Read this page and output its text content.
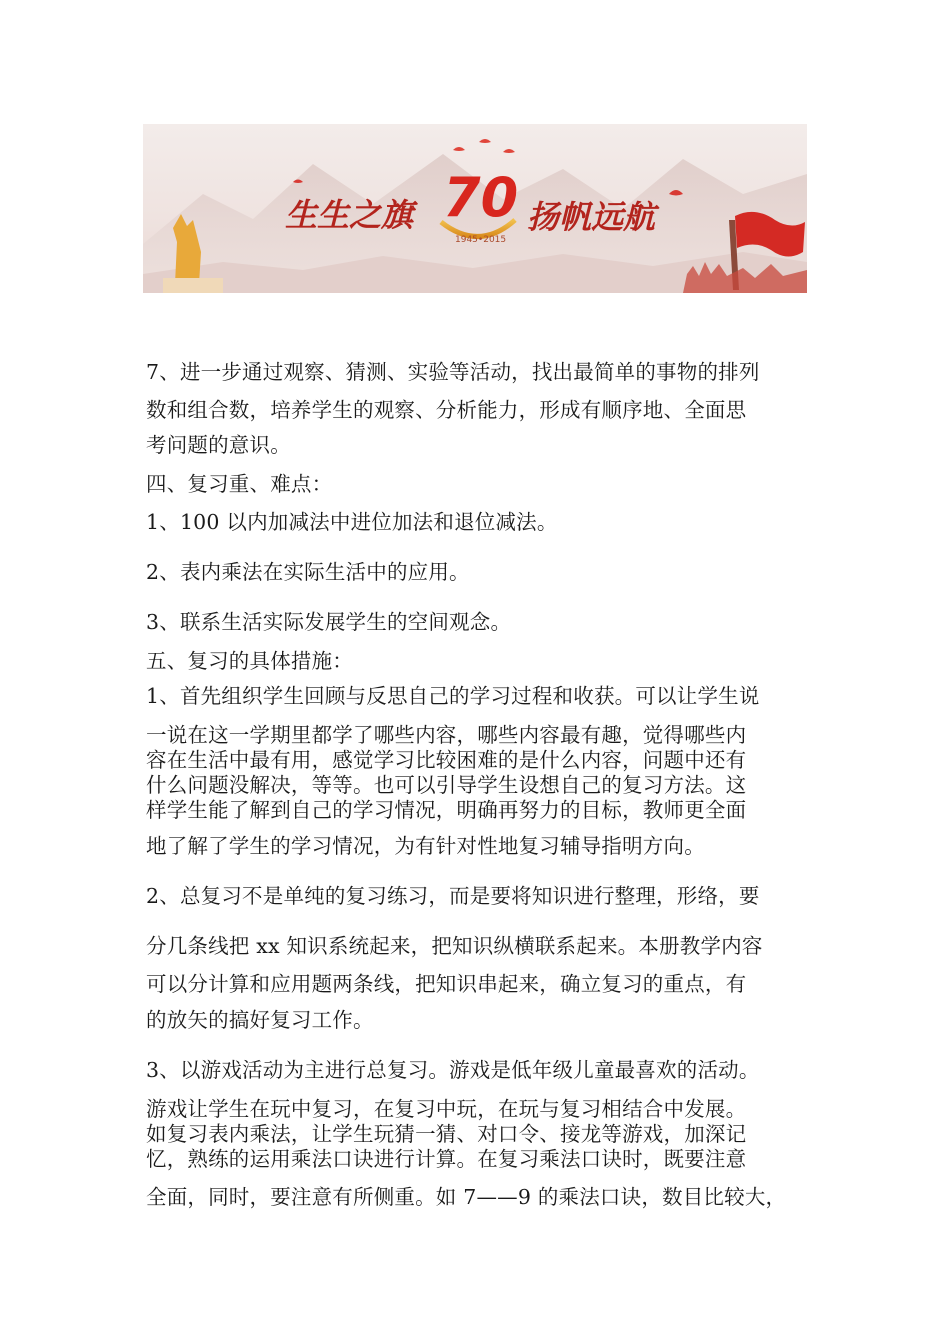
70
1945•2015
生生之旗	扬帆远航
7、进一步通过观察、猜测、实验等活动，找出最简单的事物的排列
数和组合数，培养学生的观察、分析能力，形成有顺序地、全面思
考问题的意识。
四、复习重、难点：
1、100 以内加减法中进位加法和退位减法。
2、表内乘法在实际生活中的应用。
3、联系生活实际发展学生的空间观念。
五、复习的具体措施：
1、首先组织学生回顾与反思自己的学习过程和收获。可以让学生说
一说在这一学期里都学了哪些内容，哪些内容最有趣，觉得哪些内
容在生活中最有用，感觉学习比较困难的是什么内容，问题中还有
什么问题没解决，等等。也可以引导学生设想自己的复习方法。这
样学生能了解到自己的学习情况，明确再努力的目标，教师更全面
地了解了学生的学习情况，为有针对性地复习辅导指明方向。
2、总复习不是单纯的复习练习，而是要将知识进行整理，形络，要
分几条线把 xx 知识系统起来，把知识纵横联系起来。本册教学内容
可以分计算和应用题两条线，把知识串起来，确立复习的重点，有
的放矢的搞好复习工作。
3、以游戏活动为主进行总复习。游戏是低年级儿童最喜欢的活动。
游戏让学生在玩中复习，在复习中玩，在玩与复习相结合中发展。
如复习表内乘法，让学生玩猜一猜、对口令、接龙等游戏，加深记
忆，熟练的运用乘法口诀进行计算。在复习乘法口诀时，既要注意
全面，同时，要注意有所侧重。如 7——9 的乘法口诀，数目比较大，
